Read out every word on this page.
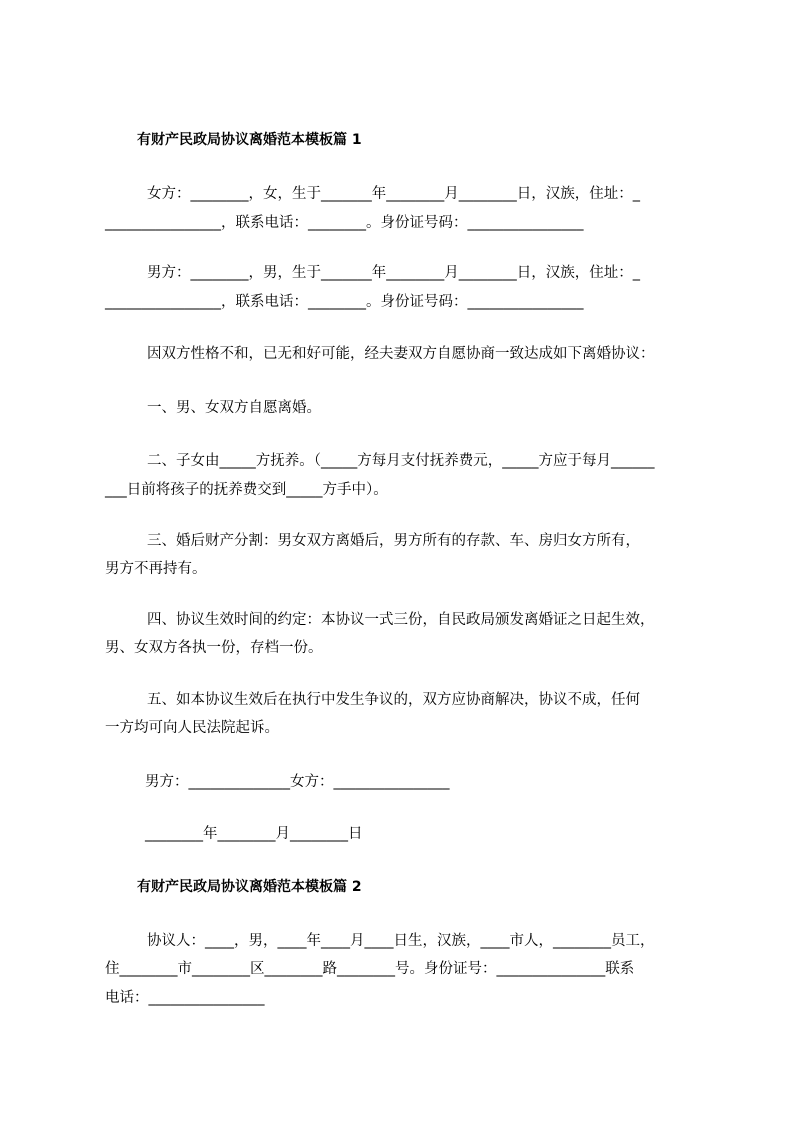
有财产民政局协议离婚范本模板篇 1
女方：________，女，生于_______年________月________日，汉族，住址：_
________________，联系电话：________。身份证号码：________________
男方：________，男，生于_______年________月________日，汉族，住址：_
________________，联系电话：________。身份证号码：________________
因双方性格不和，已无和好可能，经夫妻双方自愿协商一致达成如下离婚协议：
一、男、女双方自愿离婚。
二、子女由_____方抚养。（_____方每月支付抚养费元，_____方应于每月______
___日前将孩子的抚养费交到_____方手中）。
三、婚后财产分割：男女双方离婚后，男方所有的存款、车、房归女方所有，
男方不再持有。
四、协议生效时间的约定：本协议一式三份，自民政局颁发离婚证之日起生效，
男、女双方各执一份，存档一份。
五、如本协议生效后在执行中发生争议的，双方应协商解决，协议不成，任何
一方均可向人民法院起诉。
男方：______________女方：________________
________年________月________日
有财产民政局协议离婚范本模板篇 2
协议人：____，男，____年____月____日生，汉族，____市人，________员工，
住________市________区________路________号。身份证号：_______________联系
电话：________________
